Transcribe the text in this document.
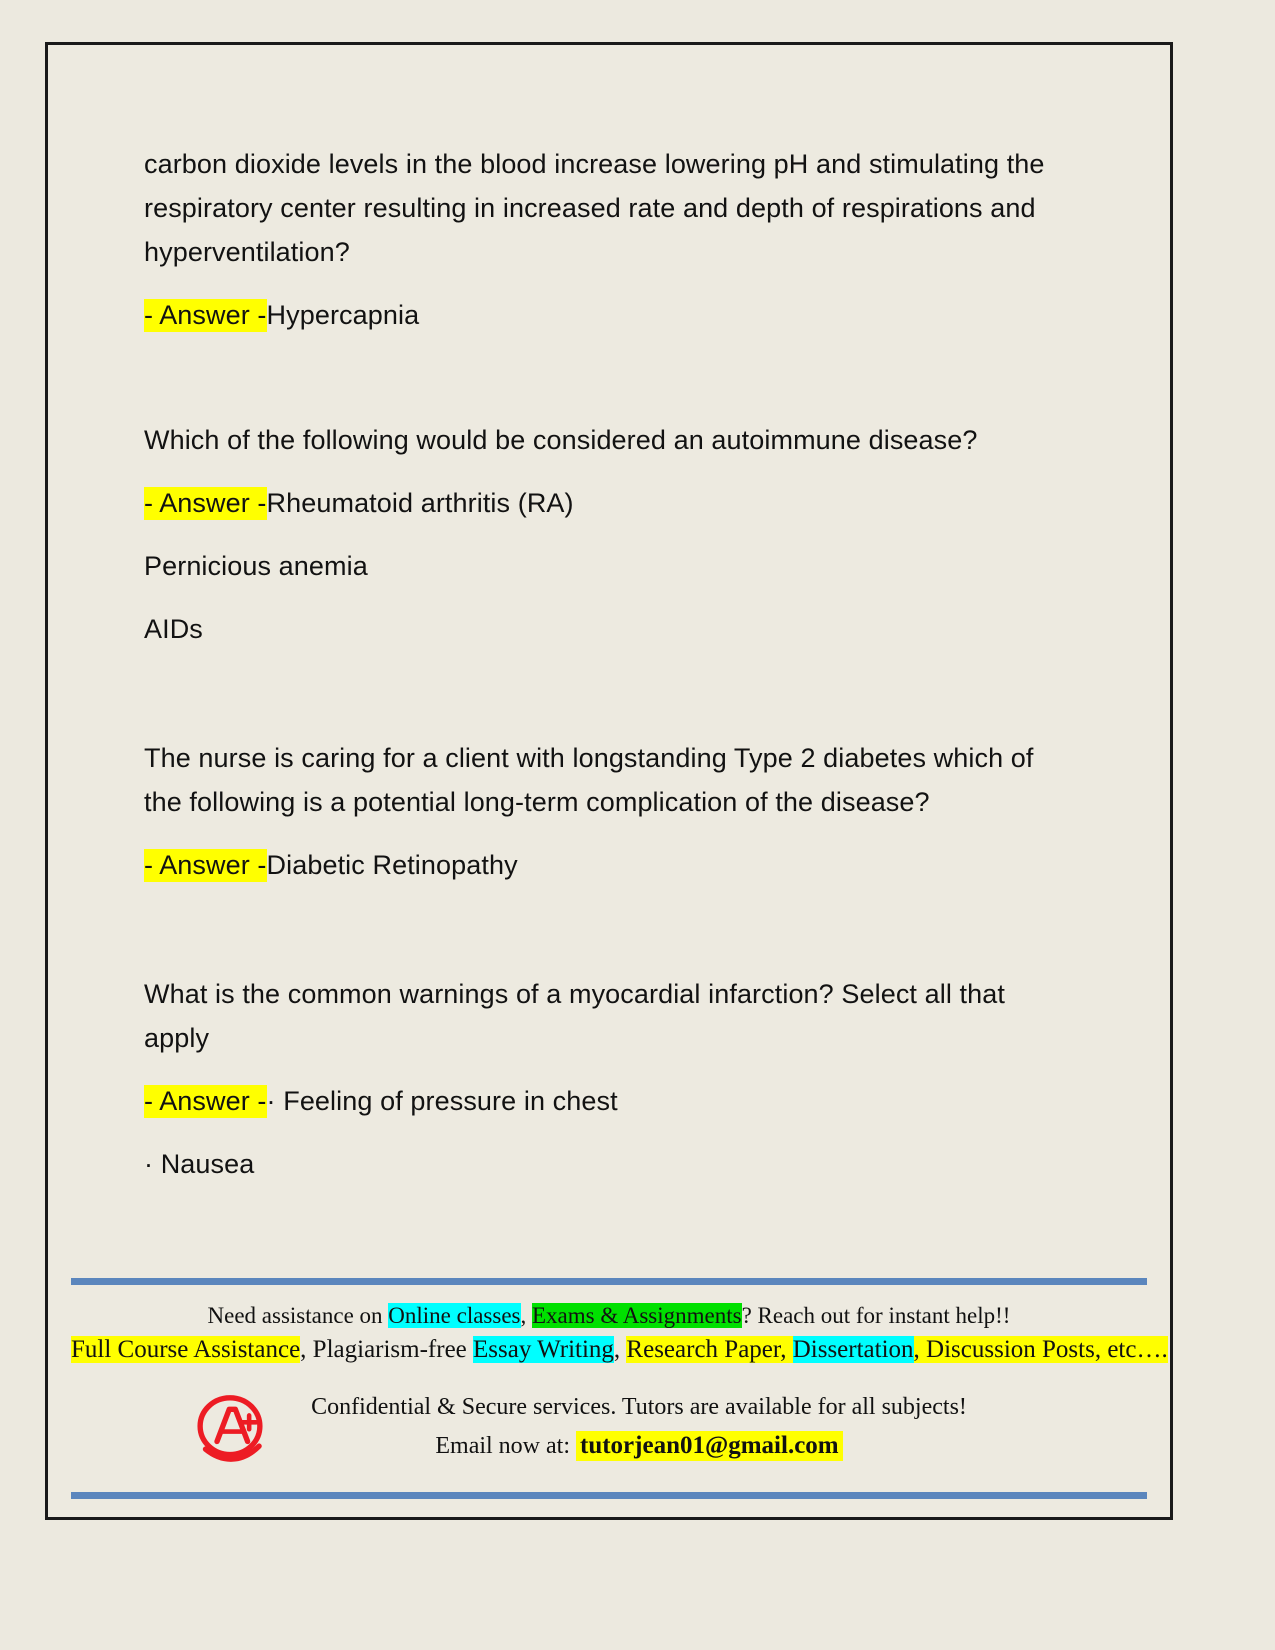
carbon dioxide levels in the blood increase lowering pH and stimulating the respiratory center resulting in increased rate and depth of respirations and hyperventilation?

- Answer -Hypercapnia

Which of the following would be considered an autoimmune disease?

- Answer -Rheumatoid arthritis (RA)

Pernicious anemia

AIDs

The nurse is caring for a client with longstanding Type 2 diabetes which of the following is a potential long-term complication of the disease?

- Answer -Diabetic Retinopathy

What is the common warnings of a myocardial infarction? Select all that apply

- Answer -· Feeling of pressure in chest

· Nausea

Need assistance on Online classes, Exams & Assignments? Reach out for instant help!!
Full Course Assistance, Plagiarism-free Essay Writing, Research Paper, Dissertation, Discussion Posts, etc….
Confidential & Secure services. Tutors are available for all subjects!
Email now at: tutorjean01@gmail.com
